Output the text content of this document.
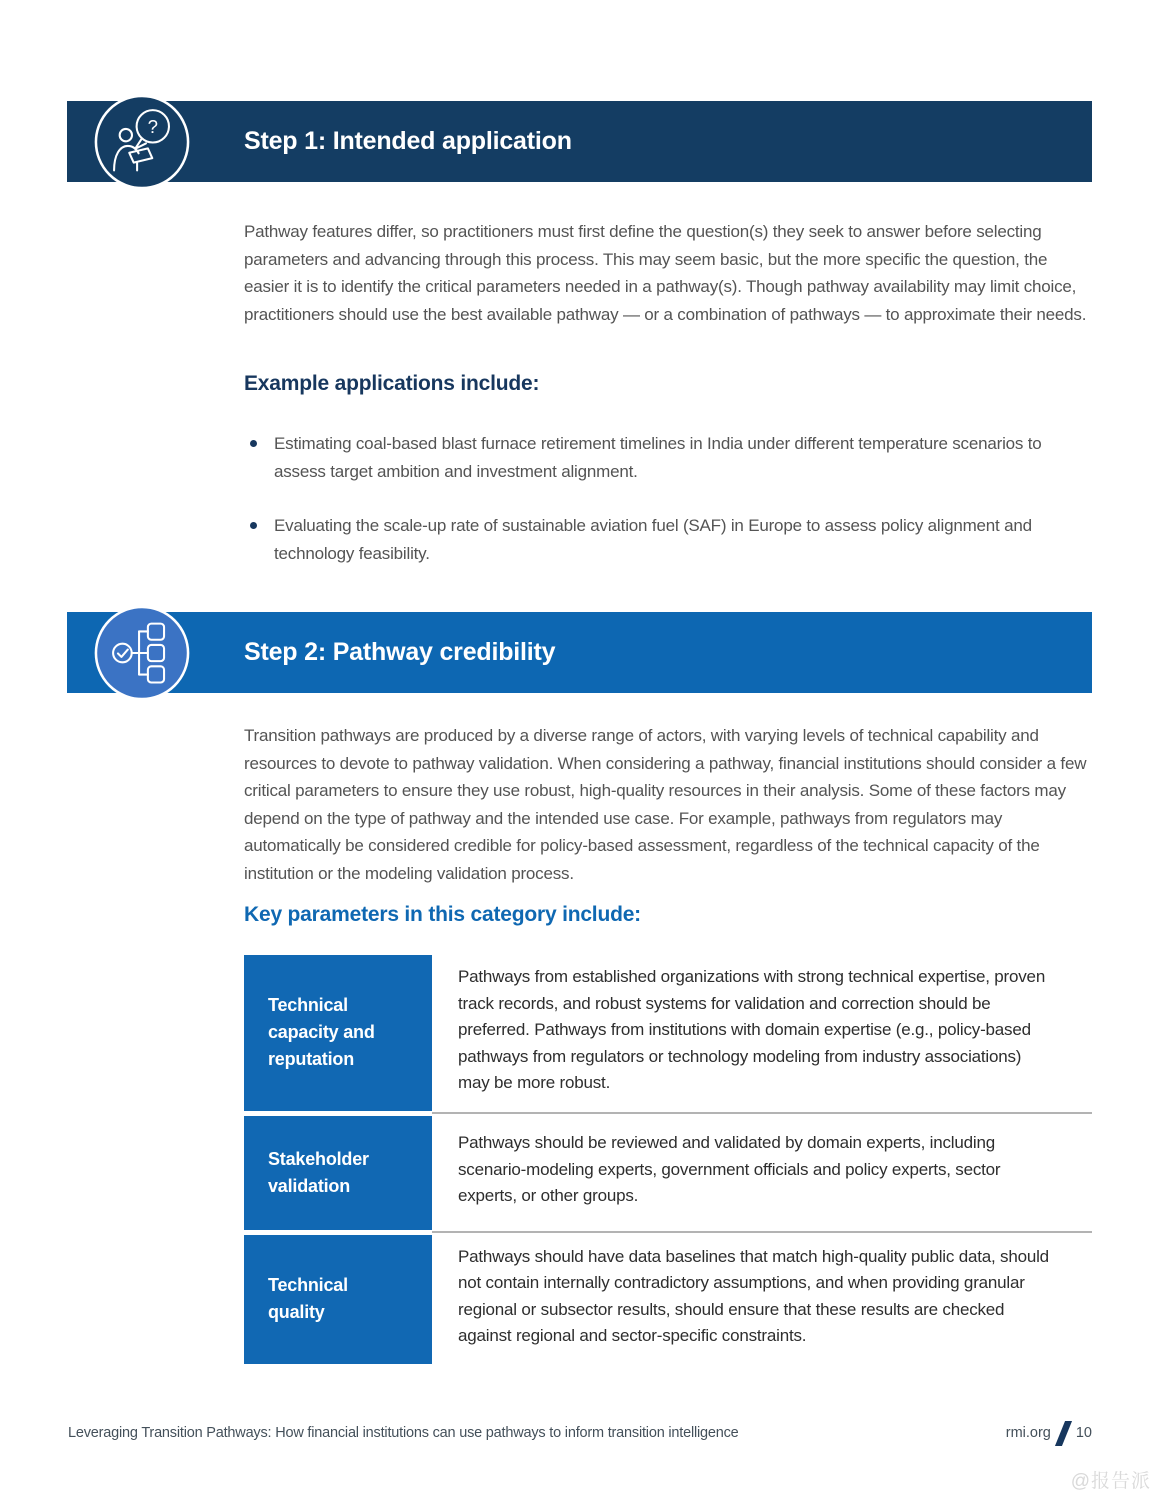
?
Step 1: Intended application

Pathway features differ, so practitioners must first define the question(s) they seek to answer before selecting parameters and advancing through this process. This may seem basic, but the more specific the question, the easier it is to identify the critical parameters needed in a pathway(s). Though pathway availability may limit choice, practitioners should use the best available pathway — or a combination of pathways — to approximate their needs.

Example applications include:
Estimating coal-based blast furnace retirement timelines in India under different temperature scenarios to assess target ambition and investment alignment.
Evaluating the scale-up rate of sustainable aviation fuel (SAF) in Europe to assess policy alignment and technology feasibility.
Step 2: Pathway credibility

Transition pathways are produced by a diverse range of actors, with varying levels of technical capability and resources to devote to pathway validation. When considering a pathway, financial institutions should consider a few critical parameters to ensure they use robust, high-quality resources in their analysis. Some of these factors may depend on the type of pathway and the intended use case. For example, pathways from regulators may automatically be considered credible for policy-based assessment, regardless of the technical capacity of the institution or the modeling validation process.

Key parameters in this category include:
Technical capacity and reputation
Pathways from established organizations with strong technical expertise, proven track records, and robust systems for validation and correction should be preferred. Pathways from institutions with domain expertise (e.g., policy-based pathways from regulators or technology modeling from industry associations) may be more robust.
Stakeholder validation
Pathways should be reviewed and validated by domain experts, including scenario-modeling experts, government officials and policy experts, sector experts, or other groups.
Technical quality
Pathways should have data baselines that match high-quality public data, should not contain internally contradictory assumptions, and when providing granular regional or subsector results, should ensure that these results are checked against regional and sector-specific constraints.
Leveraging Transition Pathways: How financial institutions can use pathways to inform transition intelligence	rmi.org 10
@报告派
